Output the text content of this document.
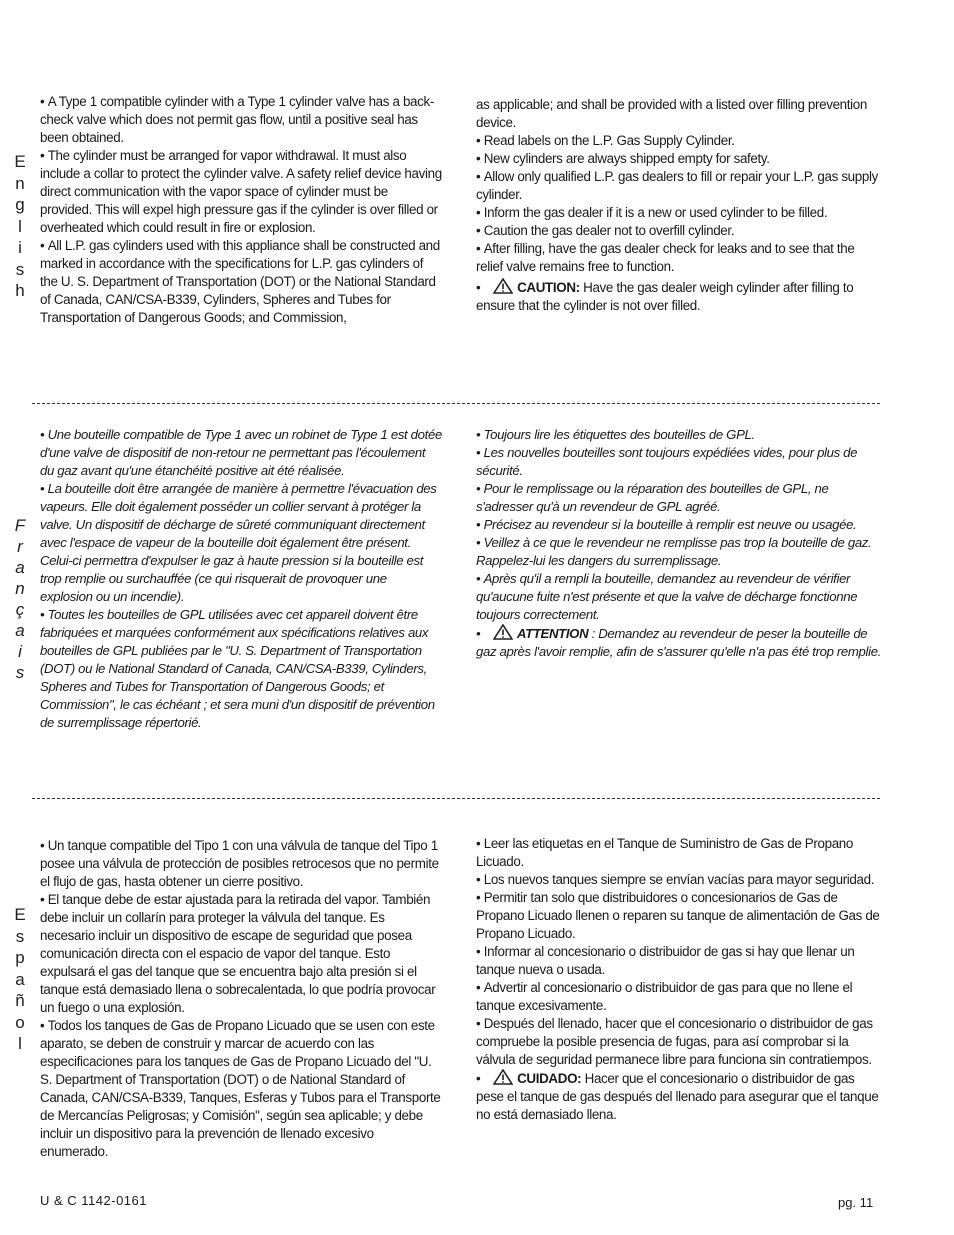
E
n
g
l
i
s
h

• A Type 1 compatible cylinder with a Type 1 cylinder valve has a back-check valve which does not permit gas flow, until a positive seal has been obtained.

• The cylinder must be arranged for vapor withdrawal. It must also include a collar to protect the cylinder valve. A safety relief device having direct communication with the vapor space of cylinder must be provided. This will expel high pressure gas if the cylinder is over filled or overheated which could result in fire or explosion.

• All L.P. gas cylinders used with this appliance shall be constructed and marked in accordance with the specifications for L.P. gas cylinders of the U. S. Department of Transportation (DOT) or the National Standard of Canada, CAN/CSA-B339, Cylinders, Spheres and Tubes for Transportation of Dangerous Goods; and Commission,

as applicable; and shall be provided with a listed over filling prevention device.

• Read labels on the L.P. Gas Supply Cylinder.

• New cylinders are always shipped empty for safety.

• Allow only qualified L.P. gas dealers to fill or repair your L.P. gas supply cylinder.

• Inform the gas dealer if it is a new or used cylinder to be filled.

• Caution the gas dealer not to overfill cylinder.

• After filling, have the gas dealer check for leaks and to see that the relief valve remains free to function.

• CAUTION: Have the gas dealer weigh cylinder after filling to ensure that the cylinder is not over filled.

F
r
a
n
ç
a
i
s

• Une bouteille compatible de Type 1 avec un robinet de Type 1 est dotée d'une valve de dispositif de non-retour ne permettant pas l'écoulement du gaz avant qu'une étanchéité positive ait été réalisée.

• La bouteille doit être arrangée de manière à permettre l'évacuation des vapeurs. Elle doit également posséder un collier servant à protéger la valve. Un dispositif de décharge de sûreté communiquant directement avec l'espace de vapeur de la bouteille doit également être présent. Celui-ci permettra d'expulser le gaz à haute pression si la bouteille est trop remplie ou surchauffée (ce qui risquerait de provoquer une explosion ou un incendie).

• Toutes les bouteilles de GPL utilisées avec cet appareil doivent être fabriquées et marquées conformément aux spécifications relatives aux bouteilles de GPL publiées par le "U. S. Department of Transportation (DOT) ou le National Standard of Canada, CAN/CSA-B339, Cylinders, Spheres and Tubes for Transportation of Dangerous Goods; et Commission", le cas échéant ; et sera muni d'un dispositif de prévention de surremplissage répertorié.

• Toujours lire les étiquettes des bouteilles de GPL.

• Les nouvelles bouteilles sont toujours expédiées vides, pour plus de sécurité.

• Pour le remplissage ou la réparation des bouteilles de GPL, ne s'adresser qu'à un revendeur de GPL agréé.

• Précisez au revendeur si la bouteille à remplir est neuve ou usagée.

• Veillez à ce que le revendeur ne remplisse pas trop la bouteille de gaz. Rappelez-lui les dangers du surremplissage.

• Après qu'il a rempli la bouteille, demandez au revendeur de vérifier qu'aucune fuite n'est présente et que la valve de décharge fonctionne toujours correctement.

• ATTENTION : Demandez au revendeur de peser la bouteille de gaz après l'avoir remplie, afin de s'assurer qu'elle n'a pas été trop remplie.

E
s
p
a
ñ
o
l

• Un tanque compatible del Tipo 1 con una válvula de tanque del Tipo 1 posee una válvula de protección de posibles retrocesos que no permite el flujo de gas, hasta obtener un cierre positivo.

• El tanque debe de estar ajustada para la retirada del vapor. También debe incluir un collarín para proteger la válvula del tanque. Es necesario incluir un dispositivo de escape de seguridad que posea comunicación directa con el espacio de vapor del tanque. Esto expulsará el gas del tanque que se encuentra bajo alta presión si el tanque está demasiado llena o sobrecalentada, lo que podría provocar un fuego o una explosión.

• Todos los tanques de Gas de Propano Licuado que se usen con este aparato, se deben de construir y marcar de acuerdo con las especificaciones para los tanques de Gas de Propano Licuado del "U. S. Department of Transportation (DOT) o de National Standard of Canada, CAN/CSA-B339, Tanques, Esferas y Tubos para el Transporte de Mercancías Peligrosas; y Comisión", según sea aplicable; y debe incluir un dispositivo para la prevención de llenado excesivo enumerado.

• Leer las etiquetas en el Tanque de Suministro de Gas de Propano Licuado.

• Los nuevos tanques siempre se envían vacías para mayor seguridad.

• Permitir tan solo que distribuidores o concesionarios de Gas de Propano Licuado llenen o reparen su tanque de alimentación de Gas de Propano Licuado.

• Informar al concesionario o distribuidor de gas si hay que llenar un tanque nueva o usada.

• Advertir al concesionario o distribuidor de gas para que no llene el tanque excesivamente.

• Después del llenado, hacer que el concesionario o distribuidor de gas compruebe la posible presencia de fugas, para así comprobar si la válvula de seguridad permanece libre para funciona sin contratiempos.

• CUIDADO: Hacer que el concesionario o distribuidor de gas pese el tanque de gas después del llenado para asegurar que el tanque no está demasiado llena.

U & C 1142-0161	pg. 11
